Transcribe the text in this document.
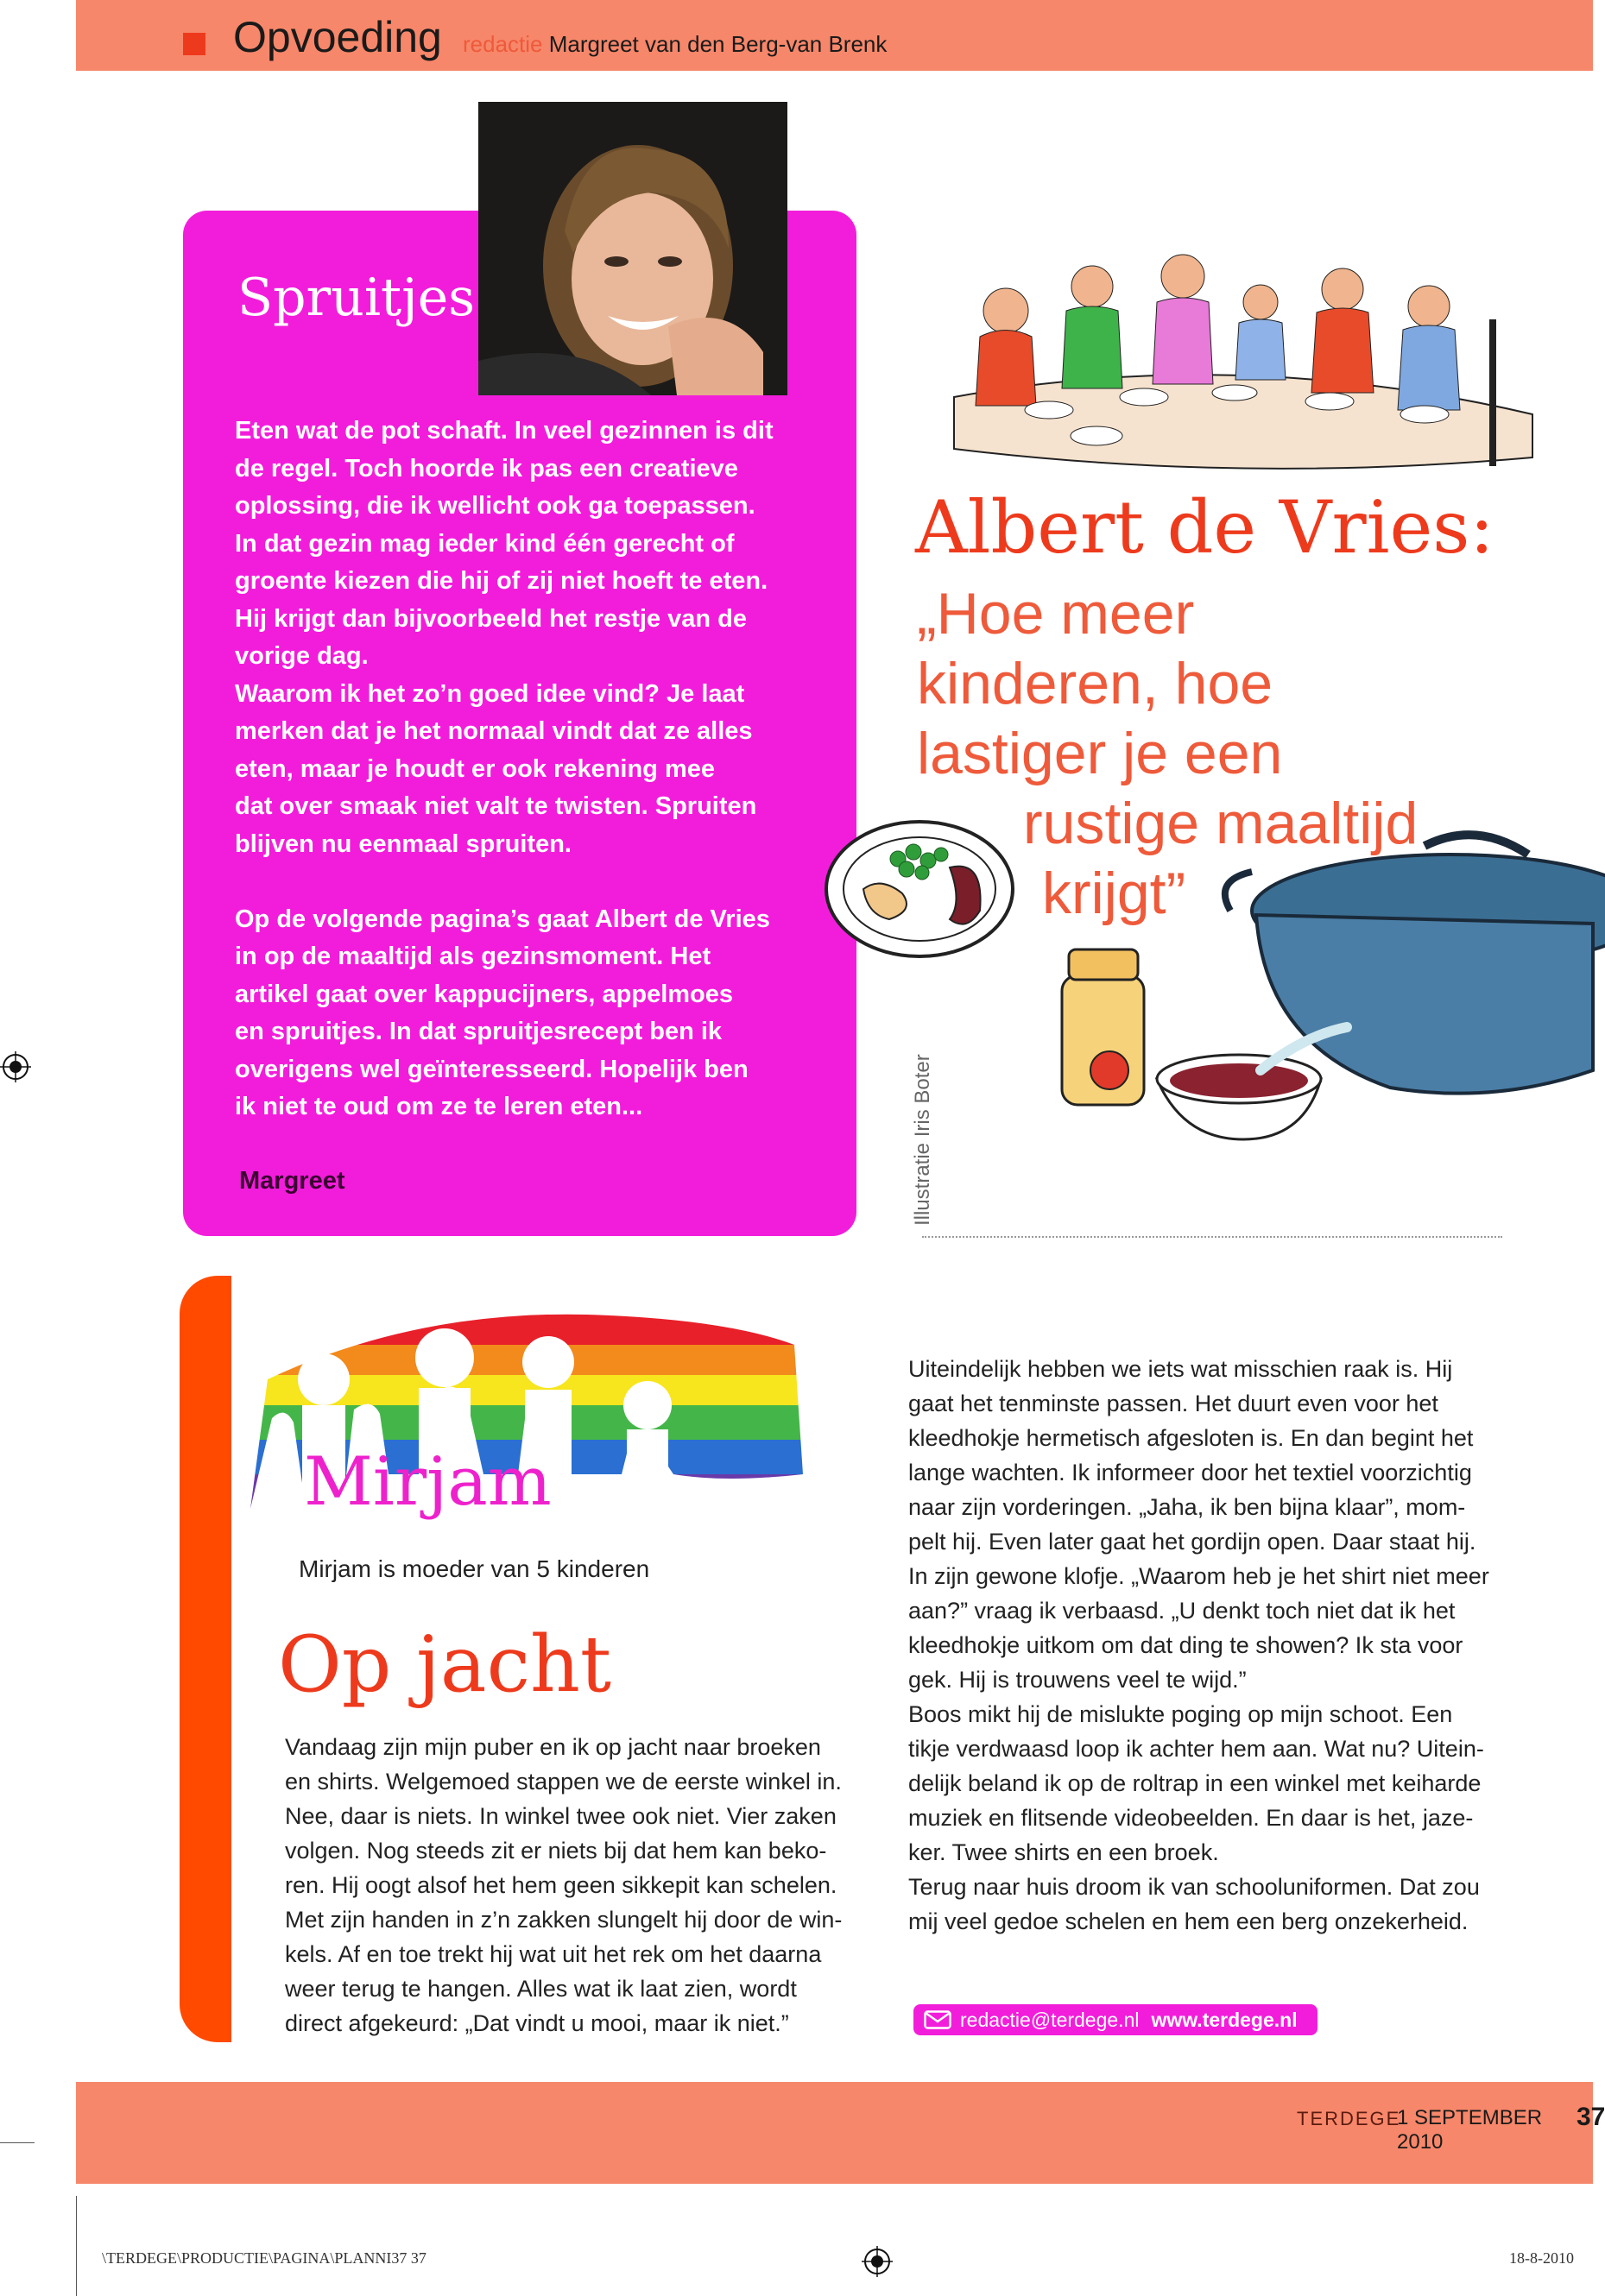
Opvoeding redactie Margreet van den Berg-van Brenk
Spruitjes

Eten wat de pot schaft. In veel gezinnen is dit
de regel. Toch hoorde ik pas een creatieve
oplossing, die ik wellicht ook ga toepassen.
In dat gezin mag ieder kind één gerecht of
groente kiezen die hij of zij niet hoeft te eten.
Hij krijgt dan bijvoorbeeld het restje van de
vorige dag.
Waarom ik het zo’n goed idee vind? Je laat
merken dat je het normaal vindt dat ze alles
eten, maar je houdt er ook rekening mee
dat over smaak niet valt te twisten. Spruiten
blijven nu eenmaal spruiten.

Op de volgende pagina’s gaat Albert de Vries
in op de maaltijd als gezinsmoment. Het
artikel gaat over kappucijners, appelmoes
en spruitjes. In dat spruitjesrecept ben ik
overigens wel geïnteresseerd. Hopelijk ben
ik niet te oud om ze te leren eten...

Margreet
Albert de Vries:
„Hoe meer
kinderen, hoe
lastiger je een
rustige maaltijd
krijgt”
Illustratie Iris Boter
Mirjam
Mirjam is moeder van 5 kinderen
Op jacht
Vandaag zijn mijn puber en ik op jacht naar broeken
en shirts. Welgemoed stappen we de eerste winkel in.
Nee, daar is niets. In winkel twee ook niet. Vier zaken
volgen. Nog steeds zit er niets bij dat hem kan beko-
ren. Hij oogt alsof het hem geen sikkepit kan schelen.
Met zijn handen in z’n zakken slungelt hij door de win-
kels. Af en toe trekt hij wat uit het rek om het daarna
weer terug te hangen. Alles wat ik laat zien, wordt
direct afgekeurd: „Dat vindt u mooi, maar ik niet.”
Uiteindelijk hebben we iets wat misschien raak is. Hij
gaat het tenminste passen. Het duurt even voor het
kleedhokje hermetisch afgesloten is. En dan begint het
lange wachten. Ik informeer door het textiel voorzichtig
naar zijn vorderingen. „Jaha, ik ben bijna klaar”, mom-
pelt hij. Even later gaat het gordijn open. Daar staat hij.
In zijn gewone klofje. „Waarom heb je het shirt niet meer
aan?” vraag ik verbaasd. „U denkt toch niet dat ik het
kleedhokje uitkom om dat ding te showen? Ik sta voor
gek. Hij is trouwens veel te wijd.”
Boos mikt hij de mislukte poging op mijn schoot. Een
tikje verdwaasd loop ik achter hem aan. Wat nu? Uitein-
delijk beland ik op de roltrap in een winkel met keiharde
muziek en flitsende videobeelden. En daar is het, jaze-
ker. Twee shirts en een broek.
Terug naar huis droom ik van schooluniformen. Dat zou
mij veel gedoe schelen en hem een berg onzekerheid.
redactie@terdege.nl www.terdege.nl
TERDEGE
1 SEPTEMBER 2010
37
\TERDEGE\PRODUCTIE\PAGINA\PLANNI37 37	18-8-2010
